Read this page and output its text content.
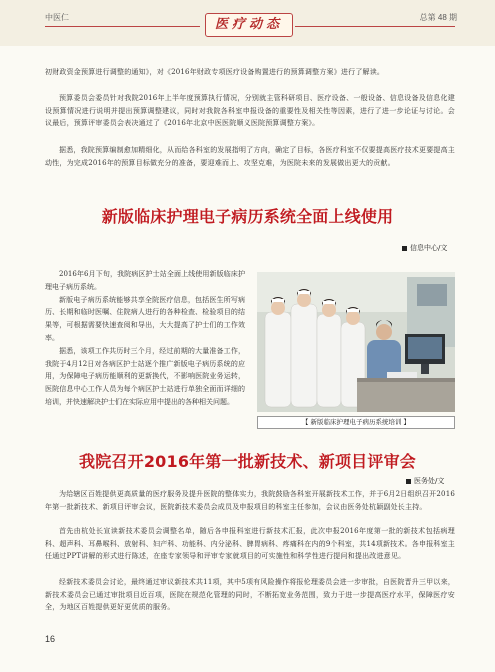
中医仁	医疗动态	总第 48 期

初财政资金预算进行调整的通知》，对《2016年财政专项医疗设备购置进行的预算调整方案》进行了解读。

预算委员会委员针对我院2016年上半年度预算执行情况，分别就主管科研项目、医疗设备、一般设备、信息设备及信息化建设预算情况进行说明并提出预算调整建议，同时对我院各科室申报设备的重要性及相关性等因素，进行了进一步论证与讨论。会议最后，预算评审委员会表决通过了《2016年北京中医医院顺义医院预算调整方案》。

据悉，我院预算编制愈加精细化，从而给各科室的发展指明了方向，确定了目标，各医疗科室不仅要提高医疗技术更要提高主动性，为完成2016年的预算目标做充分的准备，要迎难而上、攻坚克难，为医院未来的发展做出更大的贡献。

新版临床护理电子病历系统全面上线使用
信息中心/文

2016年6月下旬，我院病区护士站全面上线使用新版临床护理电子病历系统。

新版电子病历系统能够共享全院医疗信息，包括医生所写病历、长期和临时医嘱、住院病人进行的各种检查、检验项目的结果等，可根据需要快速查阅和导出，大大提高了护士们的工作效率。

据悉，该项工作共历时三个月，经过前期的大量准备工作，我院于4月12日对各病区护士站逐个推广新版电子病历系统的应用，为保障电子病历能顺利的更新换代，不影响医院业务运转，医院信息中心工作人员为每个病区护士站进行单独全面而详细的培训，并快速解决护士们在实际应用中提出的各种相关问题。

【 新版临床护理电子病历系统培训 】
我院召开2016年第一批新技术、新项目评审会
医务处/文

为给辖区百姓提供更高质量的医疗服务及提升医院的整体实力，我院鼓励各科室开展新技术工作，并于6月2日组织召开2016年第一批新技术、新项目评审会议，医院新技术委员会成员及申报项目的科室主任参加，会议由医务处杭颖副处长主持。

首先由杭处长宣读新技术委员会调整名单，随后各申报科室进行新技术汇报，此次申报2016年度第一批的新技术包括病理科、超声科、耳鼻喉科、放射科、妇产科、功能科、内分泌科、脾胃病科、疼痛科在内的9个科室，共14项新技术。各申报科室主任通过PPT讲解的形式进行陈述，在座专家领导和评审专家就项目的可实施性和科学性进行提问和提出改进意见。

经新技术委员会讨论，最终通过审议新技术共11项，其中5项有风险操作将报伦理委员会进一步审批，自医院晋升三甲以来，新技术委员会已通过审批项目近百项，医院在规范化管理的同时，不断拓宽业务范围，致力于进一步提高医疗水平，保障医疗安全，为地区百姓提供更好更优质的服务。

16
